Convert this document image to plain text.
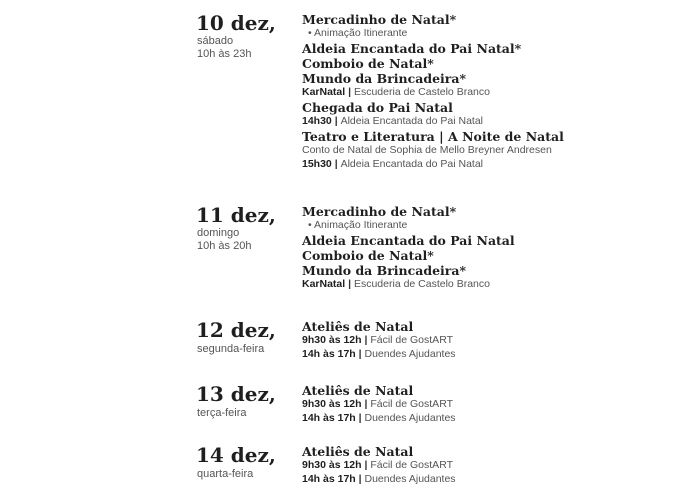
10 dez,
sábado
10h às 23h
Mercadinho de Natal*
• Animação Itinerante
Aldeia Encantada do Pai Natal*
Comboio de Natal*
Mundo da Brincadeira*
KarNatal | Escuderia de Castelo Branco
Chegada do Pai Natal
14h30 | Aldeia Encantada do Pai Natal
Teatro e Literatura | A Noite de Natal
Conto de Natal de Sophia de Mello Breyner Andresen
15h30 | Aldeia Encantada do Pai Natal
11 dez,
domingo
10h às 20h
Mercadinho de Natal*
• Animação Itinerante
Aldeia Encantada do Pai Natal
Comboio de Natal*
Mundo da Brincadeira*
KarNatal | Escuderia de Castelo Branco
12 dez,
segunda-feira
Ateliês de Natal
9h30 às 12h | Fácil de GostART
14h às 17h | Duendes Ajudantes
13 dez,
terça-feira
Ateliês de Natal
9h30 às 12h | Fácil de GostART
14h às 17h | Duendes Ajudantes
14 dez,
quarta-feira
Ateliês de Natal
9h30 às 12h | Fácil de GostART
14h às 17h | Duendes Ajudantes
